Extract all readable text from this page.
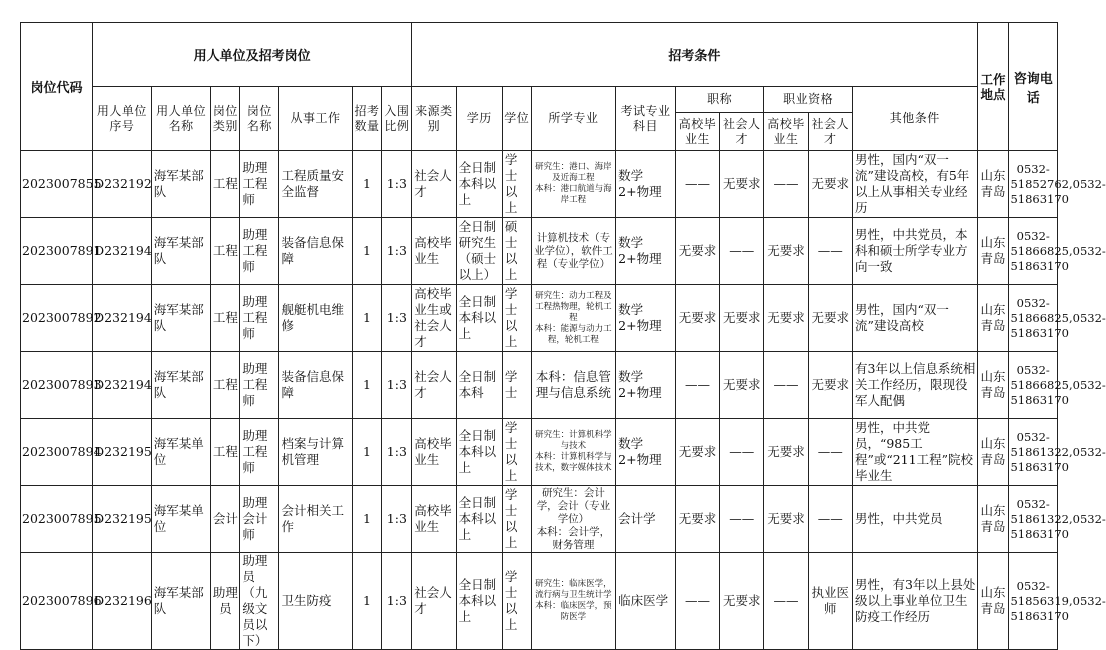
岗位代码	用人单位及招考岗位							招考条件										工作地点	咨询电话
	用人单位序号	用人单位名称	岗位类别	岗位名称	从事工作	招考数量	入围比例	来源类别	学历	学位	所学专业	考试专业科目	职称		职业资格		其他条件		
													高校毕业生	社会人才	高校毕业生	社会人才			
2023007855	D232192	海军某部队	工程	助理工程师	工程质量安全监督	1	1:3	社会人才	全日制本科以上	学士以上	研究生：港口、海岸及近海工程
本科：港口航道与海岸工程	数学2+物理	——	无要求	——	无要求	男性，国内“双一流”建设高校，有5年以上从事相关专业经历	山东青岛	0532-51852762,0532-51863170
2023007891	D232194	海军某部队	工程	助理工程师	装备信息保障	1	1:3	高校毕业生	全日制研究生（硕士以上）	硕士以上	计算机技术（专业学位），软件工程（专业学位）	数学2+物理	无要求	——	无要求	——	男性，中共党员，本科和硕士所学专业方向一致	山东青岛	0532-51866825,0532-51863170
2023007892	D232194	海军某部队	工程	助理工程师	舰艇机电维修	1	1:3	高校毕业生或社会人才	全日制本科以上	学士以上	研究生：动力工程及工程热物理，轮机工程
本科：能源与动力工程，轮机工程	数学2+物理	无要求	无要求	无要求	无要求	男性，国内“双一流”建设高校	山东青岛	0532-51866825,0532-51863170
2023007893	D232194	海军某部队	工程	助理工程师	装备信息保障	1	1:3	社会人才	全日制本科	学士	本科：信息管理与信息系统	数学2+物理	——	无要求	——	无要求	有3年以上信息系统相关工作经历，限现役军人配偶	山东青岛	0532-51866825,0532-51863170
2023007894	D232195	海军某单位	工程	助理工程师	档案与计算机管理	1	1:3	高校毕业生	全日制本科以上	学士以上	研究生：计算机科学与技术
本科：计算机科学与技术，数字媒体技术	数学2+物理	无要求	——	无要求	——	男性，中共党员，“985工程”或“211工程”院校毕业生	山东青岛	0532-51861322,0532-51863170
2023007895	D232195	海军某单位	会计	助理会计师	会计相关工作	1	1:3	高校毕业生	全日制本科以上	学士以上	研究生：会计学，会计（专业学位）
本科：会计学，财务管理	会计学	无要求	——	无要求	——	男性，中共党员	山东青岛	0532-51861322,0532-51863170
2023007896	D232196	海军某部队	助理员	助理员（九级文员以下）	卫生防疫	1	1:3	社会人才	全日制本科以上	学士以上	研究生：临床医学，流行病与卫生统计学
本科：临床医学，预防医学	临床医学	——	无要求	——	执业医师	男性，有3年以上县处级以上事业单位卫生防疫工作经历	山东青岛	0532-51856319,0532-51863170
